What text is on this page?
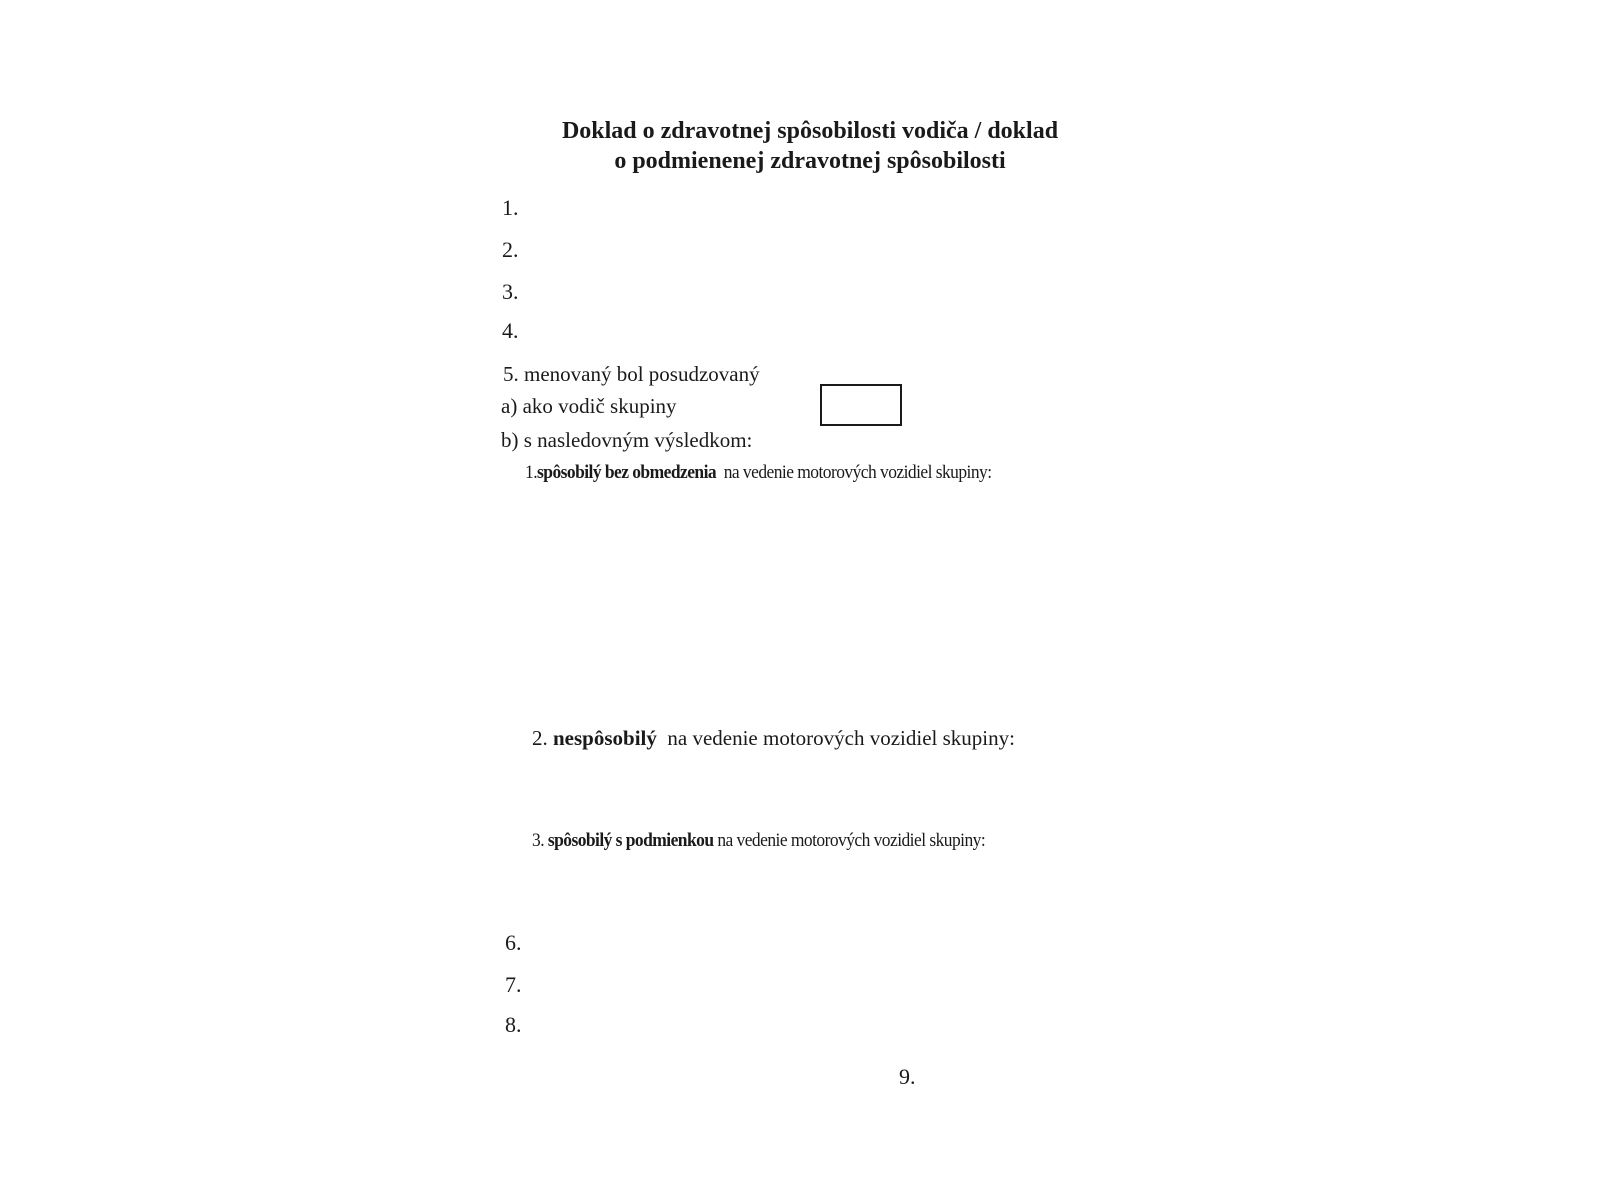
Doklad o zdravotnej spôsobilosti vodiča / doklad
o podmienenej zdravotnej spôsobilosti
1.
2.
3.
4.
5. menovaný bol posudzovaný
a) ako vodič skupiny
b) s nasledovným výsledkom:
1.spôsobilý bez obmedzenia na vedenie motorových vozidiel skupiny:
2. nespôsobilý na vedenie motorových vozidiel skupiny:
3. spôsobilý s podmienkou na vedenie motorových vozidiel skupiny:
6.
7.
8.
9.
